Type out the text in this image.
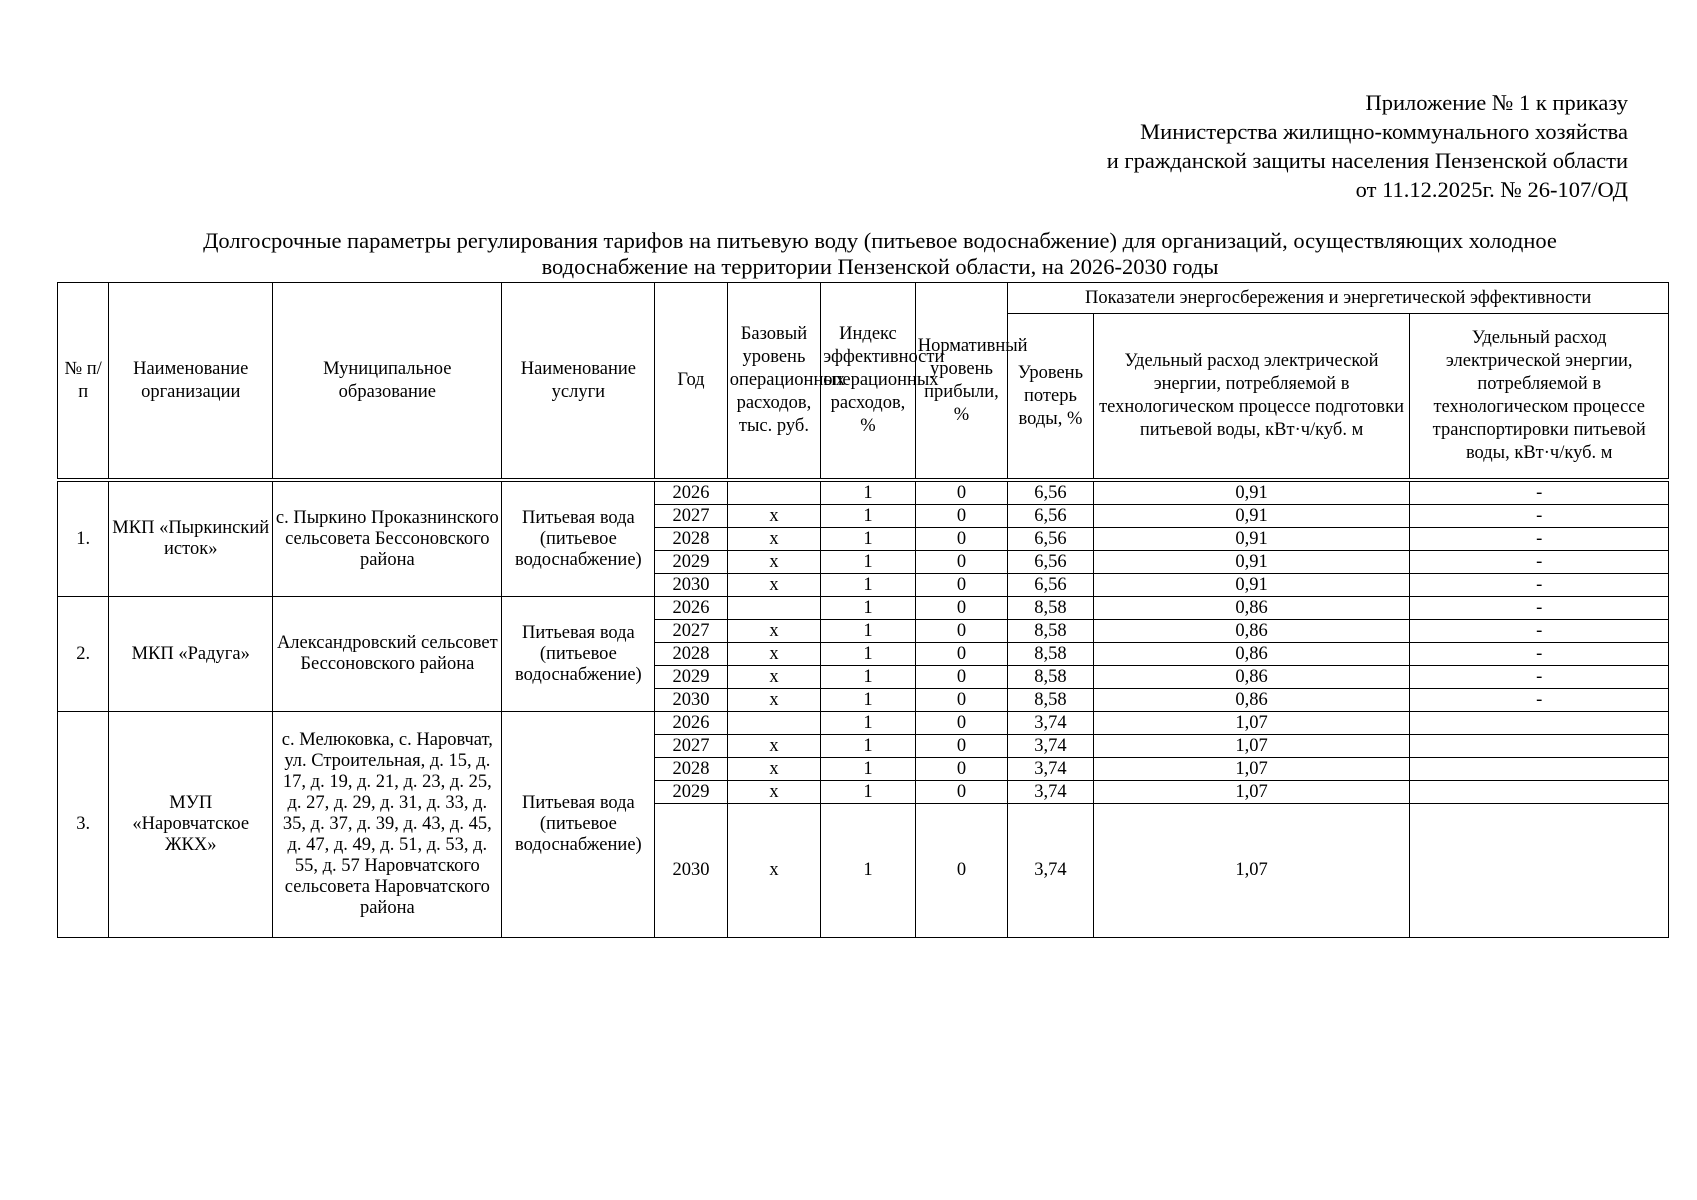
Приложение № 1 к приказу
Министерства жилищно-коммунального хозяйства
и гражданской защиты населения Пензенской области
от 11.12.2025г. № 26-107/ОД
Долгосрочные параметры регулирования тарифов на питьевую воду (питьевое водоснабжение) для организаций, осуществляющих холодное
водоснабжение на территории Пензенской области, на 2026-2030 годы
№ п/п	Наименование организации	Муниципальное образование	Наименование услуги	Год	Базовый уровень операционных расходов, тыс. руб.	Индекс эффективности операционных расходов, %	Нормативный уровень прибыли, %	Показатели энергосбережения и энергетической эффективности		
								Уровень потерь воды, %	Удельный расход электрической энергии, потребляемой в технологическом процессе подготовки питьевой воды, кВт·ч/куб. м	Удельный расход электрической энергии, потребляемой в технологическом процессе транспортировки питьевой воды, кВт·ч/куб. м

1.	МКП «Пыркинский исток»	с. Пыркино Проказнинского сельсовета Бессоновского района	Питьевая вода (питьевое водоснабжение)	2026		1	0	6,56	0,91	-
				2027	х	1	0	6,56	0,91	-
				2028	х	1	0	6,56	0,91	-
				2029	х	1	0	6,56	0,91	-
				2030	х	1	0	6,56	0,91	-
2.	МКП «Радуга»	Александровский сельсовет Бессоновского района	Питьевая вода (питьевое водоснабжение)	2026		1	0	8,58	0,86	-
				2027	х	1	0	8,58	0,86	-
				2028	х	1	0	8,58	0,86	-
				2029	х	1	0	8,58	0,86	-
				2030	х	1	0	8,58	0,86	-
3.	МУП «Наровчатское ЖКХ»	с. Мелюковка, с. Наровчат, ул. Строительная, д. 15, д. 17, д. 19, д. 21, д. 23, д. 25, д. 27, д. 29, д. 31, д. 33, д. 35, д. 37, д. 39, д. 43, д. 45, д. 47, д. 49, д. 51, д. 53, д. 55, д. 57 Наровчатского сельсовета Наровчатского района	Питьевая вода (питьевое водоснабжение)	2026		1	0	3,74	1,07	
				2027	х	1	0	3,74	1,07	
				2028	х	1	0	3,74	1,07	
				2029	х	1	0	3,74	1,07	
				2030	х	1	0	3,74	1,07	
